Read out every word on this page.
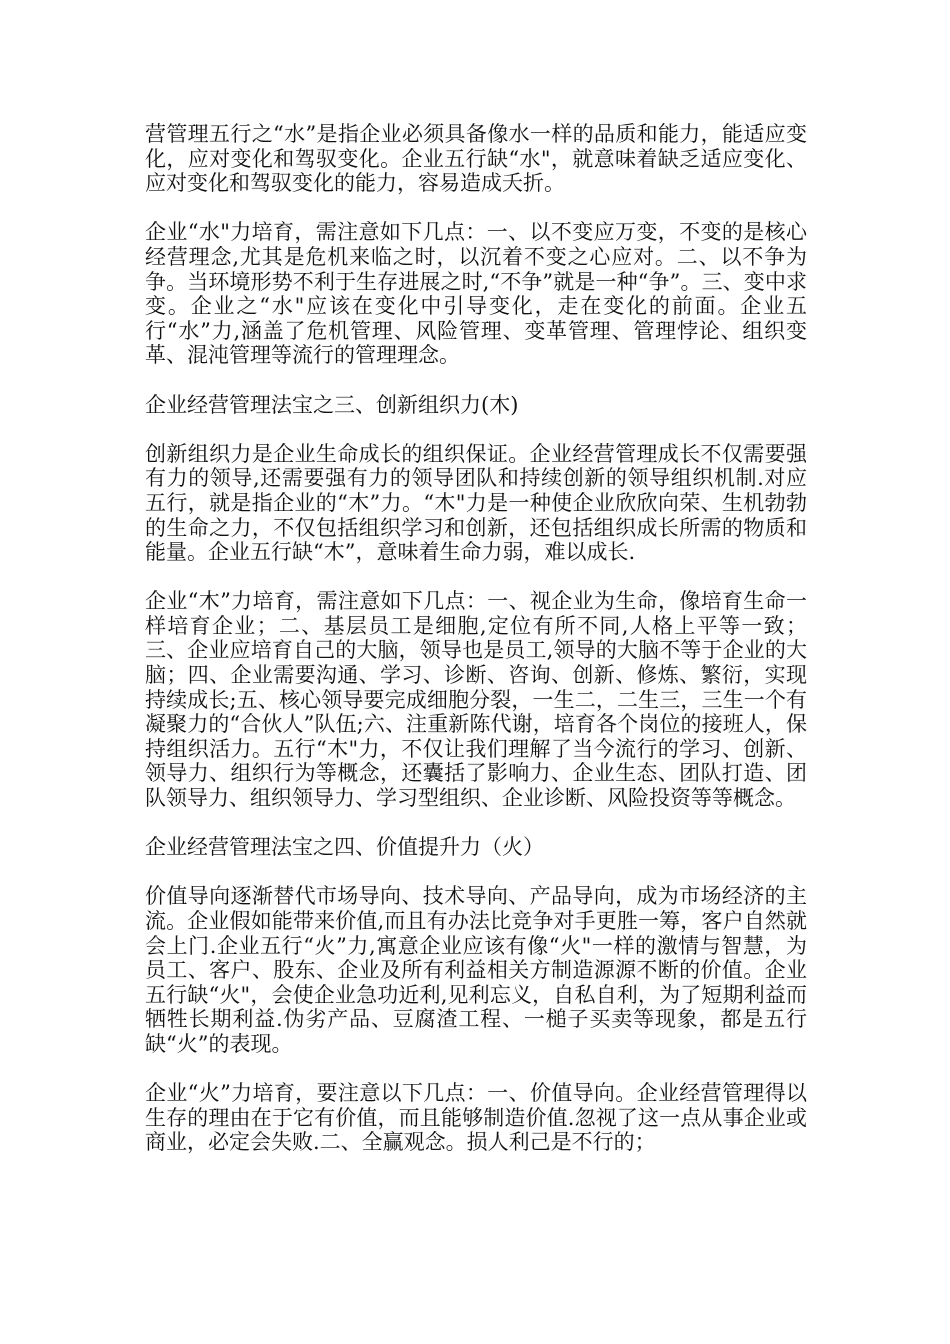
营管理五行之“水”是指企业必须具备像水一样的品质和能力，能适应变化，应对变化和驾驭变化。企业五行缺“水"，就意味着缺乏适应变化、应对变化和驾驭变化的能力，容易造成夭折。

企业“水"力培育，需注意如下几点：一、以不变应万变，不变的是核心经营理念,尤其是危机来临之时，以沉着不变之心应对。二、以不争为争。当环境形势不利于生存进展之时,“不争”就是一种“争”。三、变中求变。企业之“水"应该在变化中引导变化，走在变化的前面。企业五行“水”力,涵盖了危机管理、风险管理、变革管理、管理悖论、组织变革、混沌管理等流行的管理理念。

企业经营管理法宝之三、创新组织力(木)

创新组织力是企业生命成长的组织保证。企业经营管理成长不仅需要强有力的领导,还需要强有力的领导团队和持续创新的领导组织机制.对应五行，就是指企业的“木”力。“木"力是一种使企业欣欣向荣、生机勃勃的生命之力，不仅包括组织学习和创新，还包括组织成长所需的物质和能量。企业五行缺“木”，意味着生命力弱，难以成长.

企业“木”力培育，需注意如下几点：一、视企业为生命，像培育生命一样培育企业；二、基层员工是细胞,定位有所不同,人格上平等一致；三、企业应培育自己的大脑，领导也是员工,领导的大脑不等于企业的大脑；四、企业需要沟通、学习、诊断、咨询、创新、修炼、繁衍，实现持续成长;五、核心领导要完成细胞分裂，一生二，二生三，三生一个有凝聚力的“合伙人”队伍;六、注重新陈代谢，培育各个岗位的接班人，保持组织活力。五行“木"力，不仅让我们理解了当今流行的学习、创新、领导力、组织行为等概念，还囊括了影响力、企业生态、团队打造、团队领导力、组织领导力、学习型组织、企业诊断、风险投资等等概念。

企业经营管理法宝之四、价值提升力（火）

价值导向逐渐替代市场导向、技术导向、产品导向，成为市场经济的主流。企业假如能带来价值,而且有办法比竞争对手更胜一筹，客户自然就会上门.企业五行“火”力,寓意企业应该有像“火"一样的激情与智慧，为员工、客户、股东、企业及所有利益相关方制造源源不断的价值。企业五行缺“火"，会使企业急功近利,见利忘义，自私自利，为了短期利益而牺牲长期利益.伪劣产品、豆腐渣工程、一槌子买卖等现象，都是五行缺“火”的表现。

企业“火”力培育，要注意以下几点：一、价值导向。企业经营管理得以生存的理由在于它有价值，而且能够制造价值.忽视了这一点从事企业或商业，必定会失败.二、全赢观念。损人利己是不行的；
